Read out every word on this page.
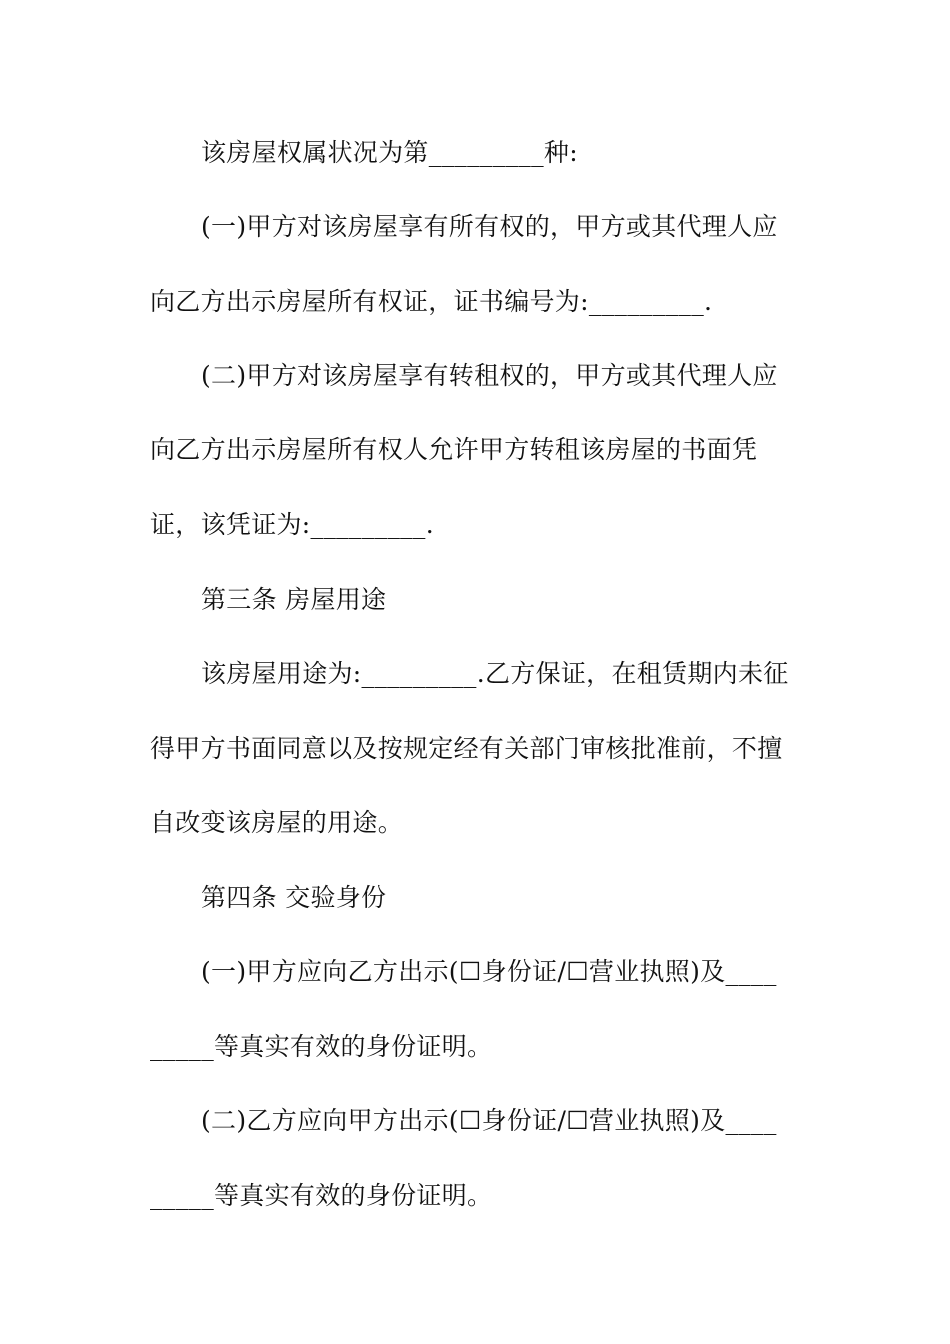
该房屋权属状况为第_________种:
(一)甲方对该房屋享有所有权的，甲方或其代理人应
向乙方出示房屋所有权证，证书编号为:_________.
(二)甲方对该房屋享有转租权的，甲方或其代理人应
向乙方出示房屋所有权人允许甲方转租该房屋的书面凭
证，该凭证为:_________.
第三条 房屋用途
该房屋用途为:_________.乙方保证，在租赁期内未征
得甲方书面同意以及按规定经有关部门审核批准前，不擅
自改变该房屋的用途。
第四条 交验身份
(一)甲方应向乙方出示(☐身份证/☐营业执照)及____
_____等真实有效的身份证明。
(二)乙方应向甲方出示(☐身份证/☐营业执照)及____
_____等真实有效的身份证明。
